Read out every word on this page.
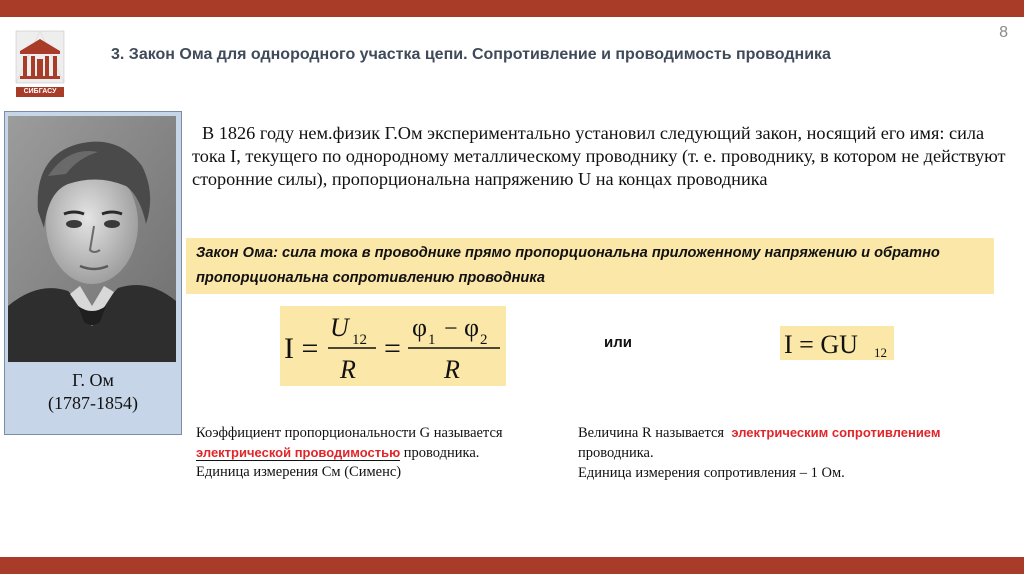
8
СИБГАСУ
3. Закон Ома для однородного участка цепи. Сопротивление и проводимость проводника
Г. Ом
(1787-1854)

В 1826 году нем.физик Г.Ом экспериментально установил следующий закон, носящий его имя: сила тока I, текущего по однородному металлическому проводнику (т. е. проводнику, в котором не действуют сторонние силы), пропорциональна напряжению U на концах проводника

Закон Ома: сила тока в проводнике прямо пропорциональна приложенному напряжению и обратно пропорциональна сопротивлению проводника
I =
U 12
R
=
φ 1 − φ 2
R
или	I = GU 12
Коэффициент пропорциональности G называется
электрической проводимостью проводника.
Единица измерения См (Сименс)
Величина R называется электрическим сопротивлением
проводника.
Единица измерения сопротивления – 1 Ом.
